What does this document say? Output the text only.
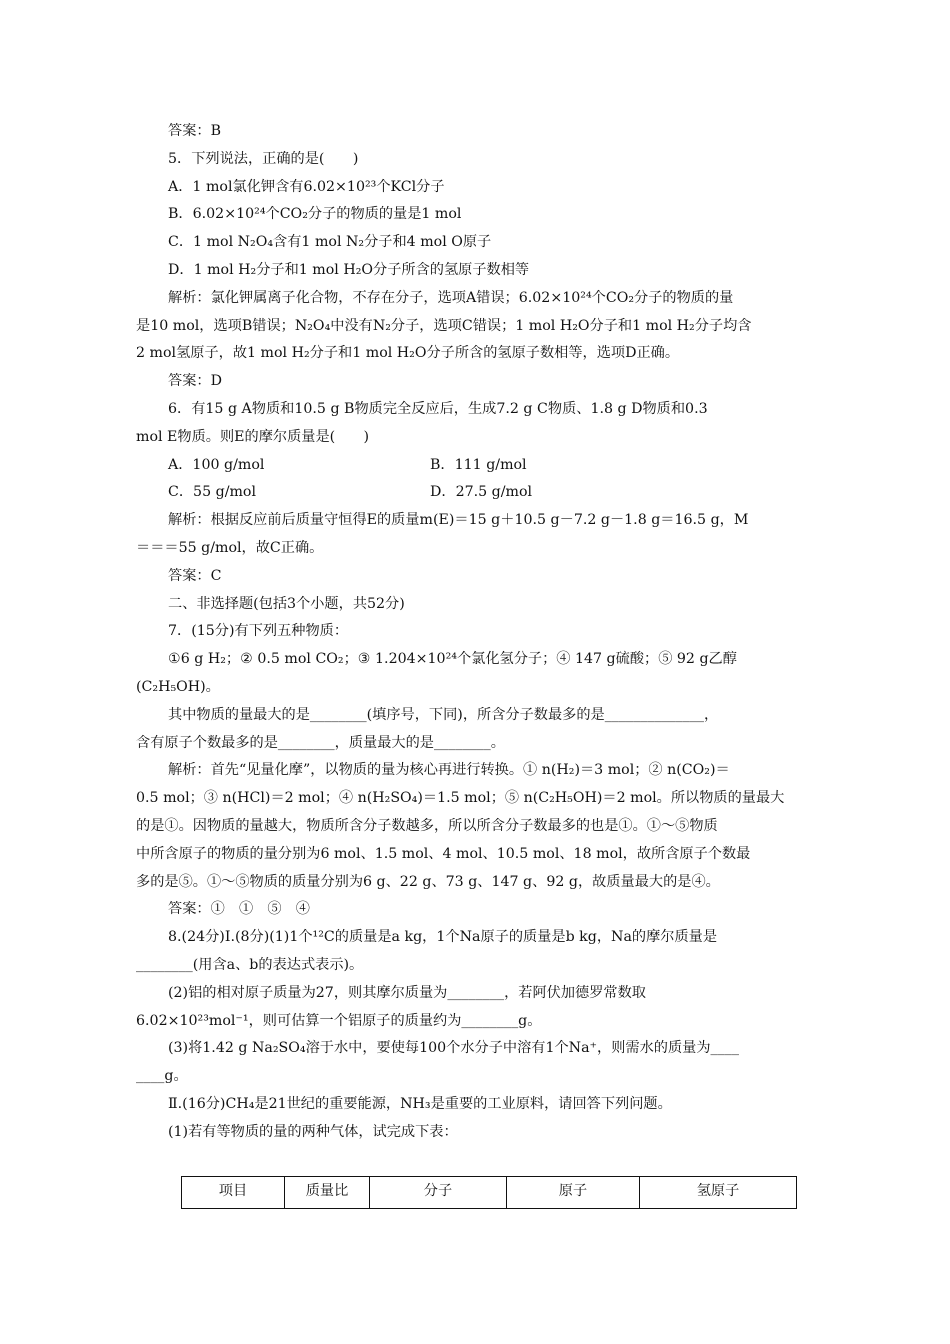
答案：B

5．下列说法，正确的是(　　)

A．1 mol氯化钾含有6.02×10²³个KCl分子

B．6.02×10²⁴个CO₂分子的物质的量是1 mol

C．1 mol N₂O₄含有1 mol N₂分子和4 mol O原子

D．1 mol H₂分子和1 mol H₂O分子所含的氢原子数相等

解析：氯化钾属离子化合物，不存在分子，选项A错误；6.02×10²⁴个CO₂分子的物质的量

是10 mol，选项B错误；N₂O₄中没有N₂分子，选项C错误；1 mol H₂O分子和1 mol H₂分子均含

2 mol氢原子，故1 mol H₂分子和1 mol H₂O分子所含的氢原子数相等，选项D正确。

答案：D

6．有15 g A物质和10.5 g B物质完全反应后，生成7.2 g C物质、1.8 g D物质和0.3

mol E物质。则E的摩尔质量是(　　)

A．100 g/mol	B．111 g/mol
C．55 g/mol	D．27.5 g/mol

解析：根据反应前后质量守恒得E的质量m(E)＝15 g＋10.5 g－7.2 g－1.8 g＝16.5 g，M

＝＝＝55 g/mol，故C正确。

答案：C

二、非选择题(包括3个小题，共52分)

7．(15分)有下列五种物质：

①6 g H₂；② 0.5 mol CO₂；③ 1.204×10²⁴个氯化氢分子；④ 147 g硫酸；⑤ 92 g乙醇

(C₂H₅OH)。

其中物质的量最大的是________(填序号，下同)，所含分子数最多的是______________，

含有原子个数最多的是________，质量最大的是________。

解析：首先“见量化摩”，以物质的量为核心再进行转换。① n(H₂)＝3 mol；② n(CO₂)＝

0.5 mol；③ n(HCl)＝2 mol；④ n(H₂SO₄)＝1.5 mol；⑤ n(C₂H₅OH)＝2 mol。所以物质的量最大

的是①。因物质的量越大，物质所含分子数越多，所以所含分子数最多的也是①。①～⑤物质

中所含原子的物质的量分别为6 mol、1.5 mol、4 mol、10.5 mol、18 mol，故所含原子个数最

多的是⑤。①～⑤物质的质量分别为6 g、22 g、73 g、147 g、92 g，故质量最大的是④。

答案：①　①　⑤　④

8.(24分)Ⅰ.(8分)(1)1个¹²C的质量是a kg，1个Na原子的质量是b kg，Na的摩尔质量是

________(用含a、b的表达式表示)。

(2)铝的相对原子质量为27，则其摩尔质量为________，若阿伏加德罗常数取

6.02×10²³mol⁻¹，则可估算一个铝原子的质量约为________g。

(3)将1.42 g Na₂SO₄溶于水中，要使每100个水分子中溶有1个Na⁺，则需水的质量为____

____g。

Ⅱ.(16分)CH₄是21世纪的重要能源，NH₃是重要的工业原料，请回答下列问题。

(1)若有等物质的量的两种气体，试完成下表：

项目	质量比	分子	原子	氢原子
